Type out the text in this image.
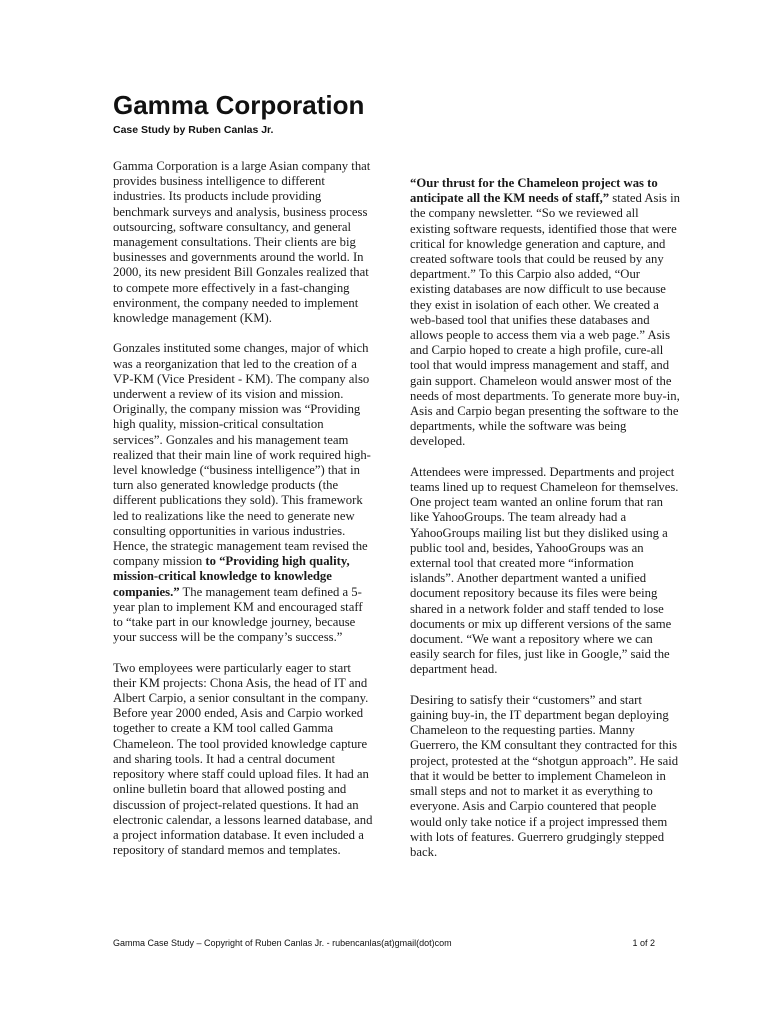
Gamma Corporation
Case Study by Ruben Canlas Jr.

Gamma Corporation is a large Asian company that provides business intelligence to different industries. Its products include providing benchmark surveys and analysis, business process outsourcing, software consultancy, and general management consultations. Their clients are big businesses and governments around the world. In 2000, its new president Bill Gonzales realized that to compete more effectively in a fast-changing environment, the company needed to implement knowledge management (KM).

Gonzales instituted some changes, major of which was a reorganization that led to the creation of a VP-KM (Vice President - KM). The company also underwent a review of its vision and mission. Originally, the company mission was “Providing high quality, mission-critical consultation services”. Gonzales and his management team realized that their main line of work required high-level knowledge (“business intelligence”) that in turn also generated knowledge products (the different publications they sold). This framework led to realizations like the need to generate new consulting opportunities in various industries. Hence, the strategic management team revised the company mission to “Providing high quality, mission-critical knowledge to knowledge companies.” The management team defined a 5-year plan to implement KM and encouraged staff to “take part in our knowledge journey, because your success will be the company’s success.”

Two employees were particularly eager to start their KM projects: Chona Asis, the head of IT and Albert Carpio, a senior consultant in the company. Before year 2000 ended, Asis and Carpio worked together to create a KM tool called Gamma Chameleon. The tool provided knowledge capture and sharing tools. It had a central document repository where staff could upload files. It had an online bulletin board that allowed posting and discussion of project-related questions. It had an electronic calendar, a lessons learned database, and a project information database. It even included a repository of standard memos and templates.

“Our thrust for the Chameleon project was to anticipate all the KM needs of staff,” stated Asis in the company newsletter. “So we reviewed all existing software requests, identified those that were critical for knowledge generation and capture, and created software tools that could be reused by any department.” To this Carpio also added, “Our existing databases are now difficult to use because they exist in isolation of each other. We created a web-based tool that unifies these databases and allows people to access them via a web page.” Asis and Carpio hoped to create a high profile, cure-all tool that would impress management and staff, and gain support. Chameleon would answer most of the needs of most departments. To generate more buy-in, Asis and Carpio began presenting the software to the departments, while the software was being developed.

Attendees were impressed. Departments and project teams lined up to request Chameleon for themselves. One project team wanted an online forum that ran like YahooGroups. The team already had a YahooGroups mailing list but they disliked using a public tool and, besides, YahooGroups was an external tool that created more “information islands”. Another department wanted a unified document repository because its files were being shared in a network folder and staff tended to lose documents or mix up different versions of the same document. “We want a repository where we can easily search for files, just like in Google,” said the department head.

Desiring to satisfy their “customers” and start gaining buy-in, the IT department began deploying Chameleon to the requesting parties. Manny Guerrero, the KM consultant they contracted for this project, protested at the “shotgun approach”. He said that it would be better to implement Chameleon in small steps and not to market it as everything to everyone. Asis and Carpio countered that people would only take notice if a project impressed them with lots of features. Guerrero grudgingly stepped back.

Gamma Case Study – Copyright of Ruben Canlas Jr. - rubencanlas(at)gmail(dot)com	1 of 2
